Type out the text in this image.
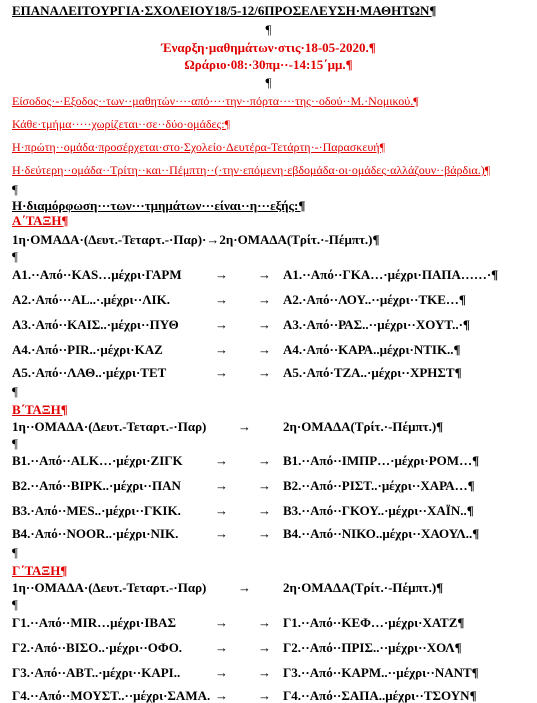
ΕΠΑΝΑΛΕΙΤΟΥΡΓΙΑ·ΣΧΟΛΕΙΟΥ18/5-12/6ΠΡΟΣΕΛΕΥΣΗ·ΜΑΘΗΤΩΝ¶
¶
Έναρξη·μαθημάτων·στις·18-05-2020.¶
Ωράριο·08:·30πμ··-14:15΄μμ.¶
¶
Είσοδος·-·Εξοδος··των··μαθητών····από····την··πόρτα····της··οδού··Μ.·Νομικού.¶
Κάθε·τμήμα·····χωρίζεται··σε··δύο·ομάδες:¶
Η·πρώτη··ομάδα·προσέρχεται·στο·Σχολείο·Δευτέρα-Τετάρτη·-·Παρασκευή¶
Η·δεύτερη··ομάδα··Τρίτη··και··Πέμπτη··(·την·επόμενη·εβδομάδα·οι·ομάδες·αλλάζουν··βάρδια.)¶
¶
Η·διαμόρφωση···των···τμημάτων···είναι··η···εξής:¶
Α΄ΤΑΞΗ¶
1η·ΟΜΑΔΑ·(Δευτ.-Τεταρτ.-·Παρ)·→2η·ΟΜΑΔΑ(Τρίτ.·-Πέμπτ.)¶
¶
Α1.··Από··KAS…μέχρι·ΓΑΡΜ	→ → Α1.··Από··ΓΚΑ…·μέχρι·ΠΑΠΑ……·¶
Α2.·Από···AL..·.μέχρι··ΛΙΚ.	→ → Α2.·Από··ΛΟΥ..··μέχρι··ΤΚΕ…¶
Α3.·Από··ΚΑΙΣ..·μέχρι··ΠΥΘ	→ → Α3.·Από··ΡΑΣ..··μέχρι··ΧΟΥΤ..·¶
Α4.·Από··PIR..·μέχρι·ΚΑΖ	→ → Α4.·Από··ΚΑΡΑ..μέχρι·ΝΤΙΚ..¶
Α5.·Από··ΛΑΘ..·μέχρι·ΤΕΤ	→ → Α5.·Από·ΤΖΑ..·μέχρι··ΧΡΗΣΤ¶
¶
Β΄ΤΑΞΗ¶
1η··ΟΜΑΔΑ·(Δευτ.-Τεταρτ.-·Παρ) → 2η·ΟΜΑΔΑ(Τρίτ.·-Πέμπτ.)¶
¶
Β1.··Από··ALK…·μέχρι·ΖΙΓΚ	→ → Β1.··Από··ΙΜΠΡ…·μέχρι·ΡΟΜ…¶
Β2.··Από··BIPK..·μέχρι··ΠΑΝ	→ → Β2.··Από··ΡΙΣΤ..·μέχρι··ΧΑΡΑ…¶
Β3.·Από··MES..·μέχρι··ΓΚΙΚ.	→ → Β3.··Από··ΓΚΟΥ..·μέχρι··ΧΑΪΝ..¶
Β4.·Από··NOOR..·μέχρι·ΝΙΚ.	→ → Β4.··Από··ΝΙΚΟ..μέχρι··ΧΑΟΥΛ..¶
¶
Γ΄ΤΑΞΗ¶
1η··ΟΜΑΔΑ·(Δευτ.-Τεταρτ.-·Παρ) → 2η·ΟΜΑΔΑ(Τρίτ.·-Πέμπτ.)¶
¶
Γ1.··Από··MIR…μέχρι·ΙΒΑΣ	→ → Γ1.··Από··ΚΕΦ…·μέχρι·ΧΑΤΖ¶
Γ2.·Από··ΒΙΣΟ..·μέχρι··ΟΦΟ.	→ → Γ2.··Από··ΠΡΙΣ..··μέχρι··ΧΟΛ¶
Γ3.·Από··ΑΒΤ..·μέχρι··ΚΑΡΙ..	→ → Γ3.··Από··ΚΑΡΜ..··μέχρι··ΝΑΝΤ¶
Γ4.··Από··ΜΟΥΣΤ..··μέχρι·ΣΑΜΑ. → → Γ4.··Από··ΣΑΠΑ..μέχρι··ΤΣΟΥΝ¶
